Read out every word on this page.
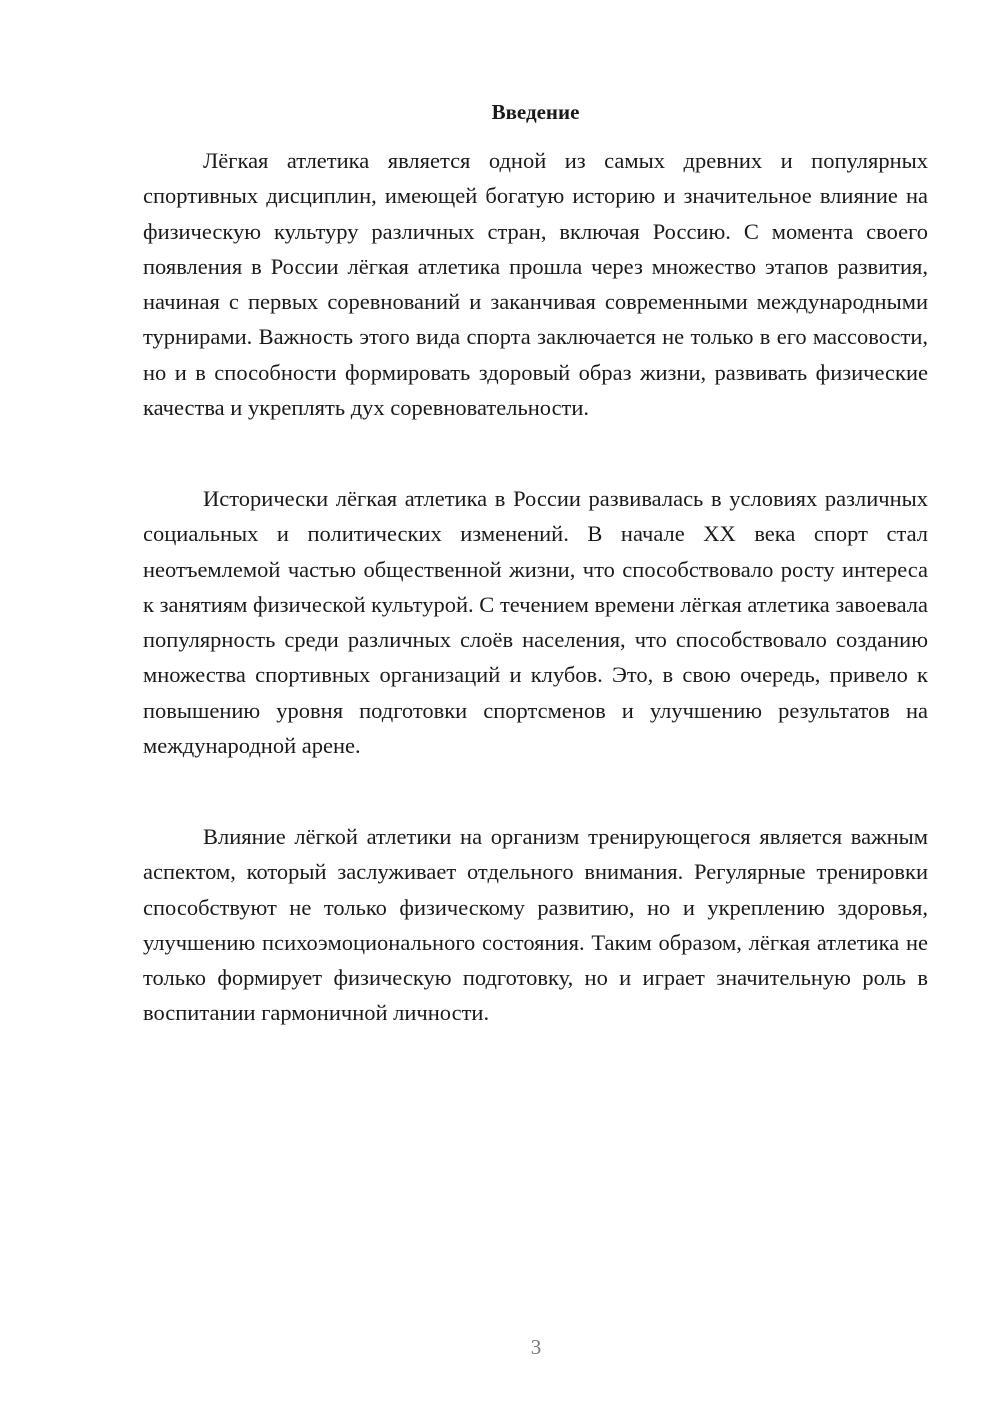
Введение

Лёгкая атлетика является одной из самых древних и популярных спортивных дисциплин, имеющей богатую историю и значительное влияние на физическую культуру различных стран, включая Россию. С момента своего появления в России лёгкая атлетика прошла через множество этапов развития, начиная с первых соревнований и заканчивая современными международными турнирами. Важность этого вида спорта заключается не только в его массовости, но и в способности формировать здоровый образ жизни, развивать физические качества и укреплять дух соревновательности.

Исторически лёгкая атлетика в России развивалась в условиях различных социальных и политических изменений. В начале XX века спорт стал неотъемлемой частью общественной жизни, что способствовало росту интереса к занятиям физической культурой. С течением времени лёгкая атлетика завоевала популярность среди различных слоёв населения, что способствовало созданию множества спортивных организаций и клубов. Это, в свою очередь, привело к повышению уровня подготовки спортсменов и улучшению результатов на международной арене.

Влияние лёгкой атлетики на организм тренирующегося является важным аспектом, который заслуживает отдельного внимания. Регулярные тренировки способствуют не только физическому развитию, но и укреплению здоровья, улучшению психоэмоционального состояния. Таким образом, лёгкая атлетика не только формирует физическую подготовку, но и играет значительную роль в воспитании гармоничной личности.

3
